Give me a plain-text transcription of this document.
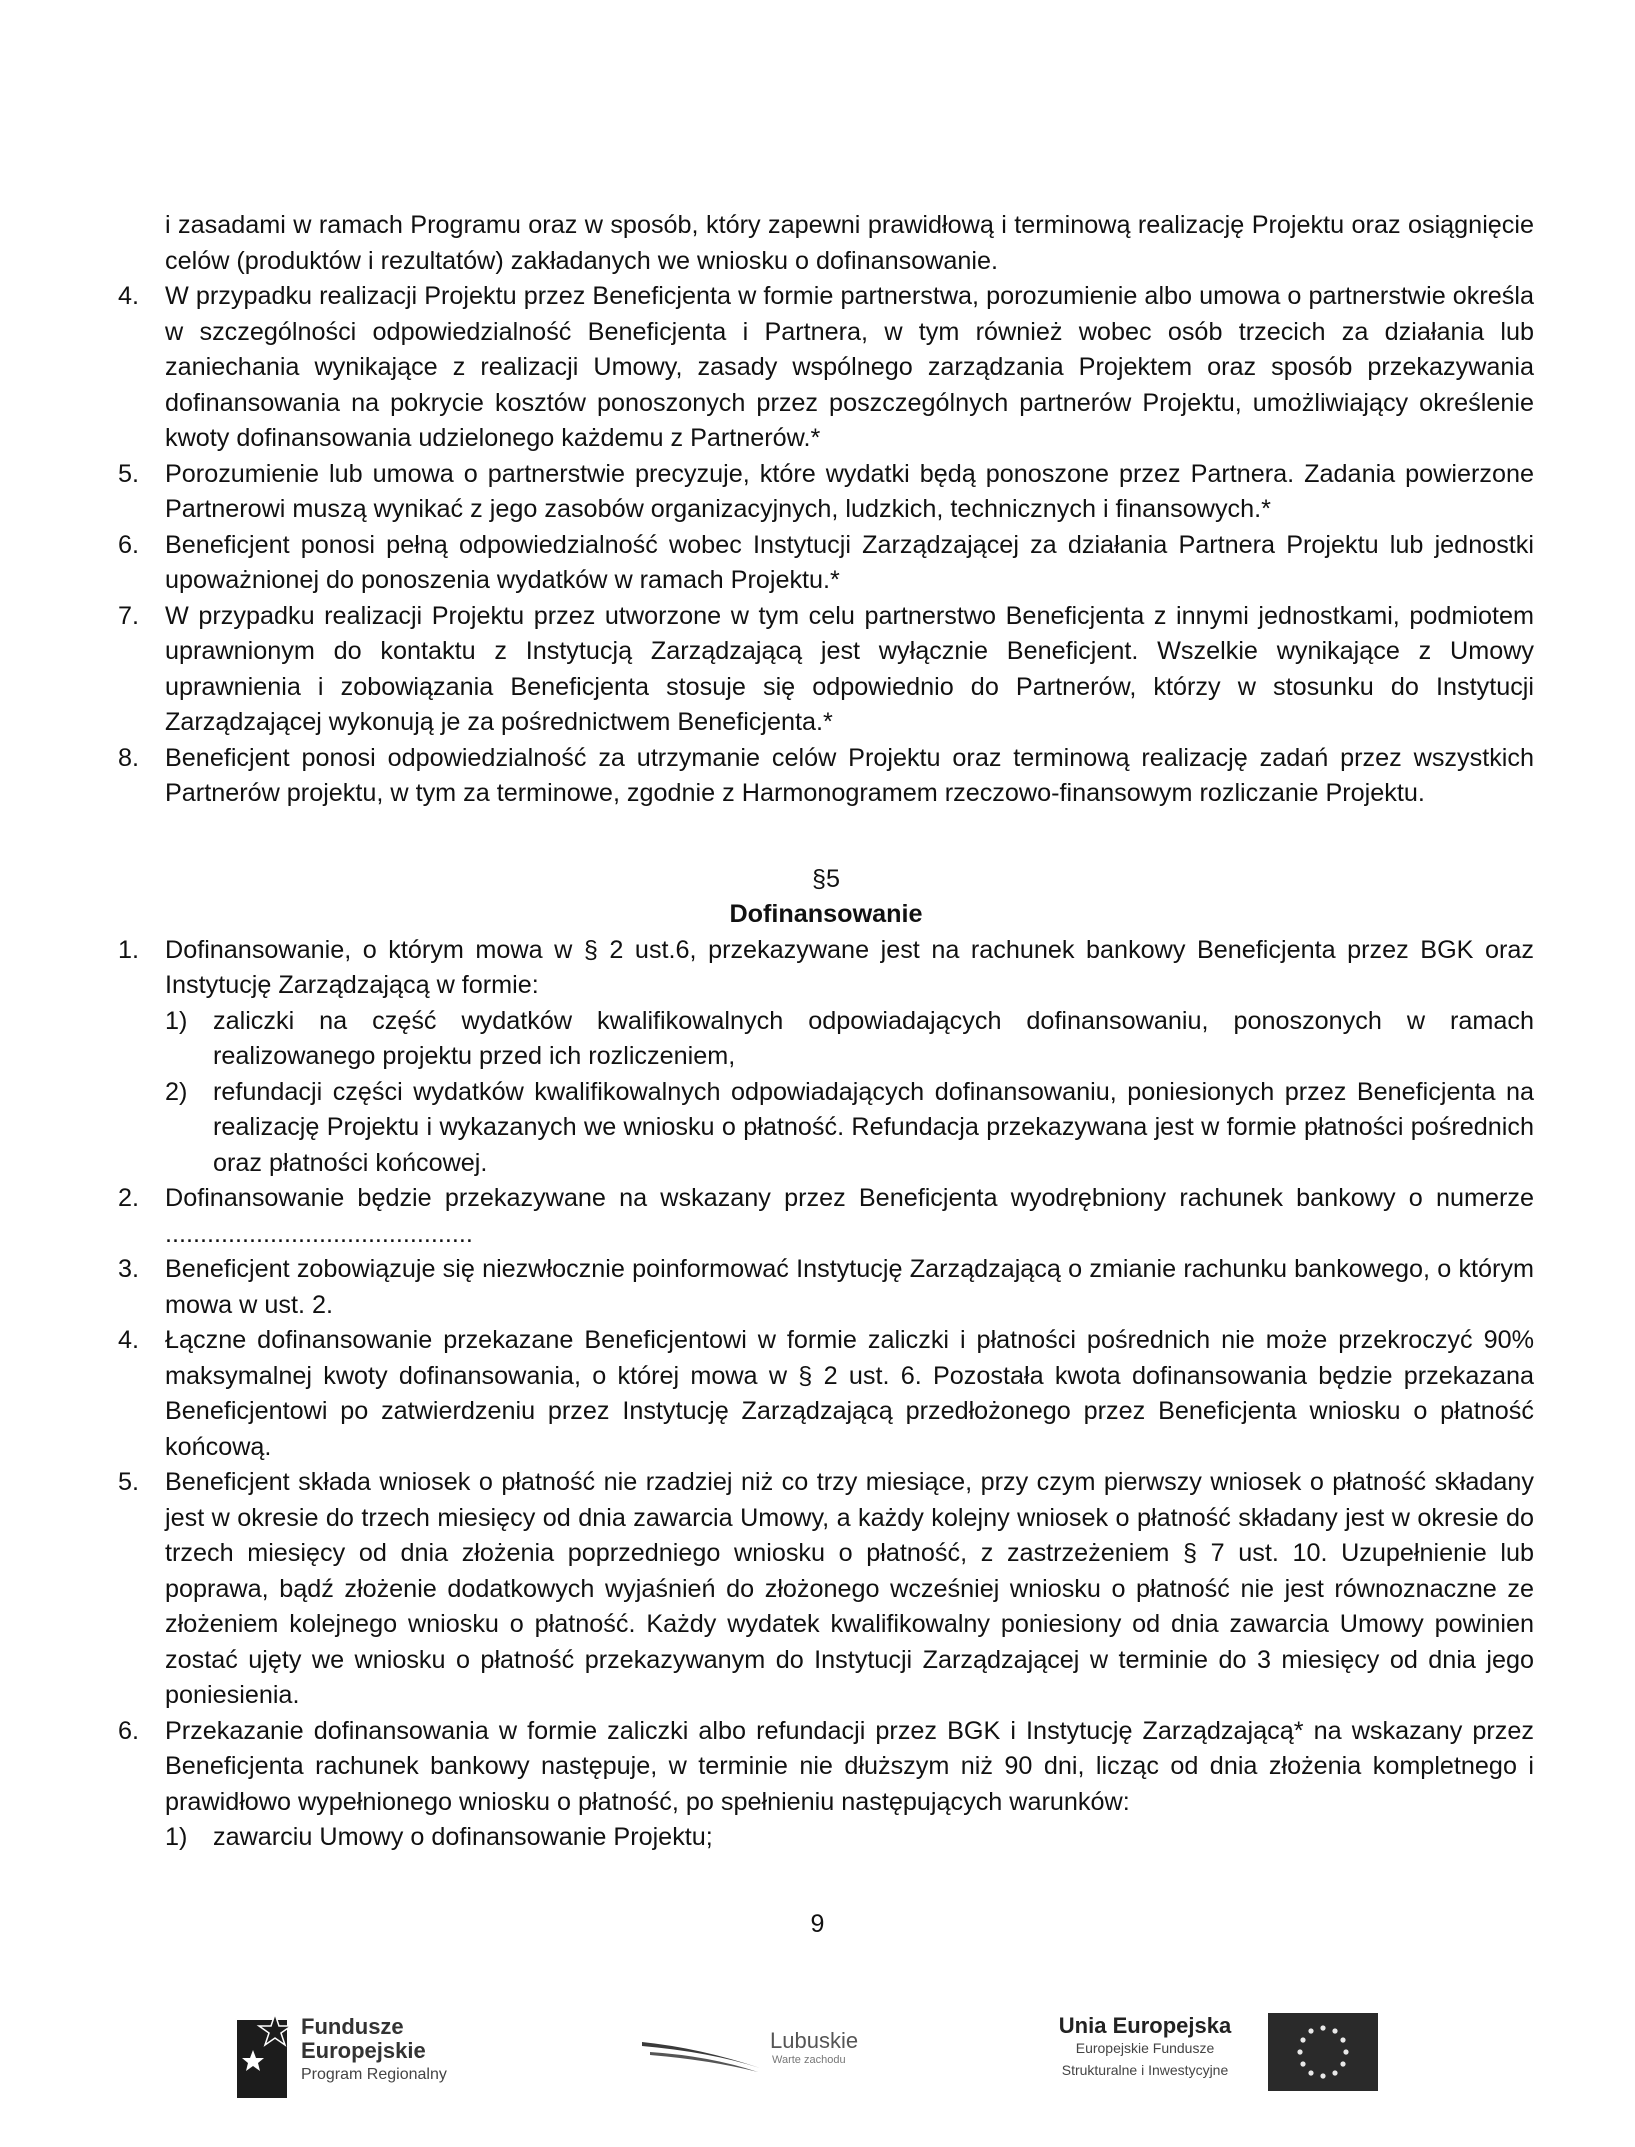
i zasadami w ramach Programu oraz w sposób, który zapewni prawidłową i terminową realizację Projektu oraz osiągnięcie celów (produktów i rezultatów) zakładanych we wniosku o dofinansowanie.
4.	W przypadku realizacji Projektu przez Beneficjenta w formie partnerstwa, porozumienie albo umowa o partnerstwie określa w szczególności odpowiedzialność Beneficjenta i Partnera, w tym również wobec osób trzecich za działania lub zaniechania wynikające z realizacji Umowy, zasady wspólnego zarządzania Projektem oraz sposób przekazywania dofinansowania na pokrycie kosztów ponoszonych przez poszczególnych partnerów Projektu, umożliwiający określenie kwoty dofinansowania udzielonego każdemu z Partnerów.*
5.	Porozumienie lub umowa o partnerstwie precyzuje, które wydatki będą ponoszone przez Partnera. Zadania powierzone Partnerowi muszą wynikać z jego zasobów organizacyjnych, ludzkich, technicznych i finansowych.*
6.	Beneficjent ponosi pełną odpowiedzialność wobec Instytucji Zarządzającej za działania Partnera Projektu lub jednostki upoważnionej do ponoszenia wydatków w ramach Projektu.*
7.	W przypadku realizacji Projektu przez utworzone w tym celu partnerstwo Beneficjenta z innymi jednostkami, podmiotem uprawnionym do kontaktu z Instytucją Zarządzającą jest wyłącznie Beneficjent. Wszelkie wynikające z Umowy uprawnienia i zobowiązania Beneficjenta stosuje się odpowiednio do Partnerów, którzy w stosunku do Instytucji Zarządzającej wykonują je za pośrednictwem Beneficjenta.*
8.	Beneficjent ponosi odpowiedzialność za utrzymanie celów Projektu oraz terminową realizację zadań przez wszystkich Partnerów projektu, w tym za terminowe, zgodnie z Harmonogramem rzeczowo-finansowym rozliczanie Projektu.
§5
Dofinansowanie
1.	Dofinansowanie, o którym mowa w § 2 ust.6, przekazywane jest na rachunek bankowy Beneficjenta przez BGK oraz Instytucję Zarządzającą w formie:
1)	zaliczki na część wydatków kwalifikowalnych odpowiadających dofinansowaniu, ponoszonych w ramach realizowanego projektu przed ich rozliczeniem,
2)	refundacji części wydatków kwalifikowalnych odpowiadających dofinansowaniu, poniesionych przez Beneficjenta na realizację Projektu i wykazanych we wniosku o płatność. Refundacja przekazywana jest w formie płatności pośrednich oraz płatności końcowej.
2.	Dofinansowanie będzie przekazywane na wskazany przez Beneficjenta wyodrębniony rachunek bankowy o numerze ............................................
3.	Beneficjent zobowiązuje się niezwłocznie poinformować Instytucję Zarządzającą o zmianie rachunku bankowego, o którym mowa w ust. 2.
4.	Łączne dofinansowanie przekazane Beneficjentowi w formie zaliczki i płatności pośrednich nie może przekroczyć 90% maksymalnej kwoty dofinansowania, o której mowa w § 2 ust. 6. Pozostała kwota dofinansowania będzie przekazana Beneficjentowi po zatwierdzeniu przez Instytucję Zarządzającą przedłożonego przez Beneficjenta wniosku o płatność końcową.
5.	Beneficjent składa wniosek o płatność nie rzadziej niż co trzy miesiące, przy czym pierwszy wniosek o płatność składany jest w okresie do trzech miesięcy od dnia zawarcia Umowy, a każdy kolejny wniosek o płatność składany jest w okresie do trzech miesięcy od dnia złożenia poprzedniego wniosku o płatność, z zastrzeżeniem § 7 ust. 10. Uzupełnienie lub poprawa, bądź złożenie dodatkowych wyjaśnień do złożonego wcześniej wniosku o płatność nie jest równoznaczne ze złożeniem kolejnego wniosku o płatność. Każdy wydatek kwalifikowalny poniesiony od dnia zawarcia Umowy powinien zostać ujęty we wniosku o płatność przekazywanym do Instytucji Zarządzającej w terminie do 3 miesięcy od dnia jego poniesienia.
6.	Przekazanie dofinansowania w formie zaliczki albo refundacji przez BGK i Instytucję Zarządzającą* na wskazany przez Beneficjenta rachunek bankowy następuje, w terminie nie dłuższym niż 90 dni, licząc od dnia złożenia kompletnego i prawidłowo wypełnionego wniosku o płatność, po spełnieniu następujących warunków:
1)	zawarciu Umowy o dofinansowanie Projektu;
9
Fundusze
Europejskie
Program Regionalny
Lubuskie
Warte zachodu
Unia Europejska
Europejskie Fundusze
Strukturalne i Inwestycyjne
